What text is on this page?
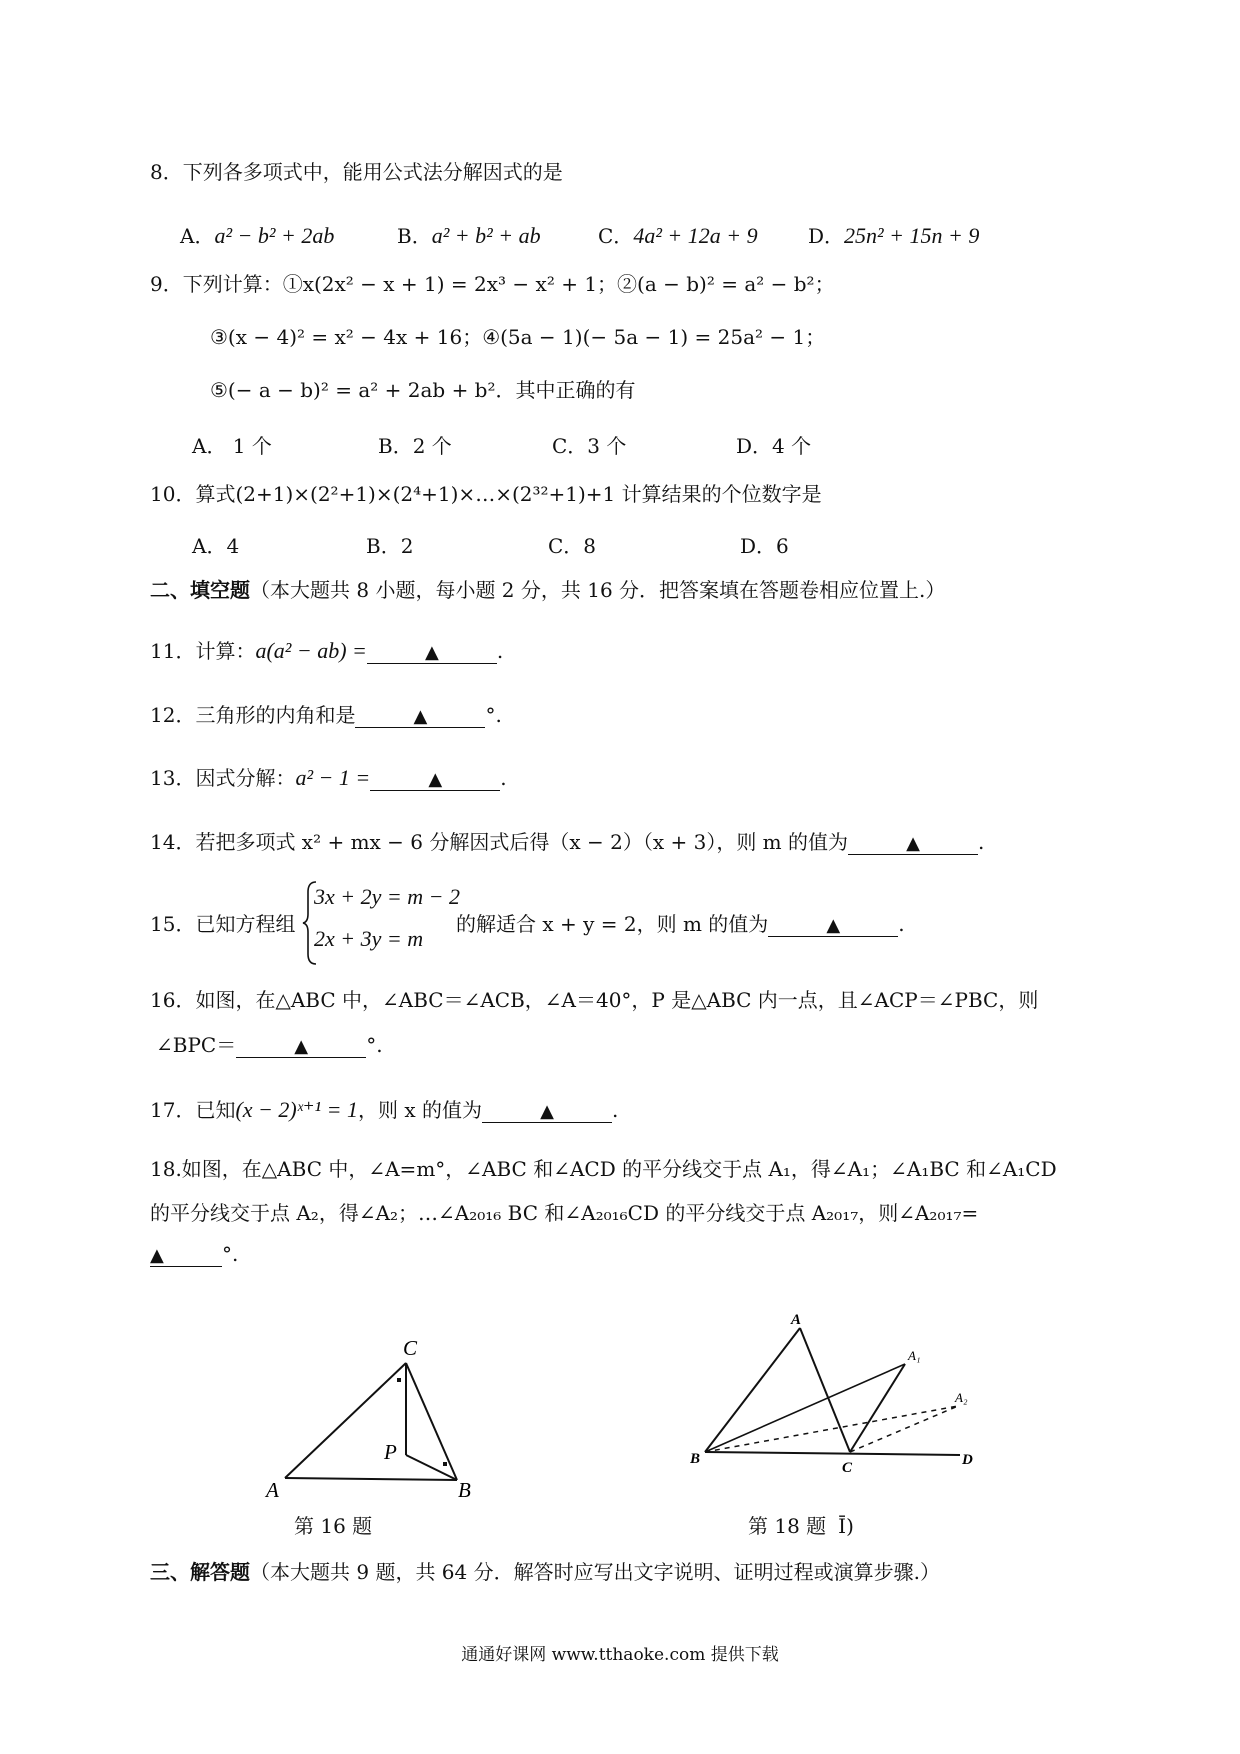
8．下列各多项式中，能用公式法分解因式的是
A．a² − b² + 2ab	B．a² + b² + ab	C．4a² + 12a + 9	D．25n² + 15n + 9
9．下列计算：①x(2x² − x + 1) = 2x³ − x² + 1；②(a − b)² = a² − b²；
③(x − 4)² = x² − 4x + 16；④(5a − 1)(− 5a − 1) = 25a² − 1；
⑤(− a − b)² = a² + 2ab + b²．其中正确的有
A． 1 个	B．2 个	C．3 个	D．4 个
10．算式(2+1)×(2²+1)×(2⁴+1)×…×(2³²+1)+1 计算结果的个位数字是
A．4	B．2	C．8	D．6
二、填空题（本大题共 8 小题，每小题 2 分，共 16 分．把答案填在答题卷相应位置上.）
11．计算：a(a² − ab) =	▲	.
12．三角形的内角和是	▲	°.
13．因式分解：a² − 1 =	▲	.
14．若把多项式 x² + mx − 6 分解因式后得（x − 2）（x + 3），则 m 的值为	▲	.
15．已知方程组
3x + 2y = m − 2
2x + 3y = m
的解适合 x + y = 2，则 m 的值为	▲	.
16．如图，在△ABC 中，∠ABC＝∠ACB，∠A＝40°，P 是△ABC 内一点，且∠ACP＝∠PBC，则
∠BPC＝	▲	°.
17．已知(x − 2)ˣ⁺¹ = 1，则 x 的值为	▲	.
18.如图，在△ABC 中，∠A=m°，∠ABC 和∠ACD 的平分线交于点 A₁，得∠A₁；∠A₁BC 和∠A₁CD
的平分线交于点 A₂，得∠A₂；…∠A₂₀₁₆ BC 和∠A₂₀₁₆CD 的平分线交于点 A₂₀₁₇，则∠A₂₀₁₇=
▲	°.
C
A	B
P
第 16 题
A
A₁
A₂
B
C	D
第 18 题 Ī)
三、解答题（本大题共 9 题，共 64 分．解答时应写出文字说明、证明过程或演算步骤.）
通通好课网 www.tthaoke.com 提供下载
